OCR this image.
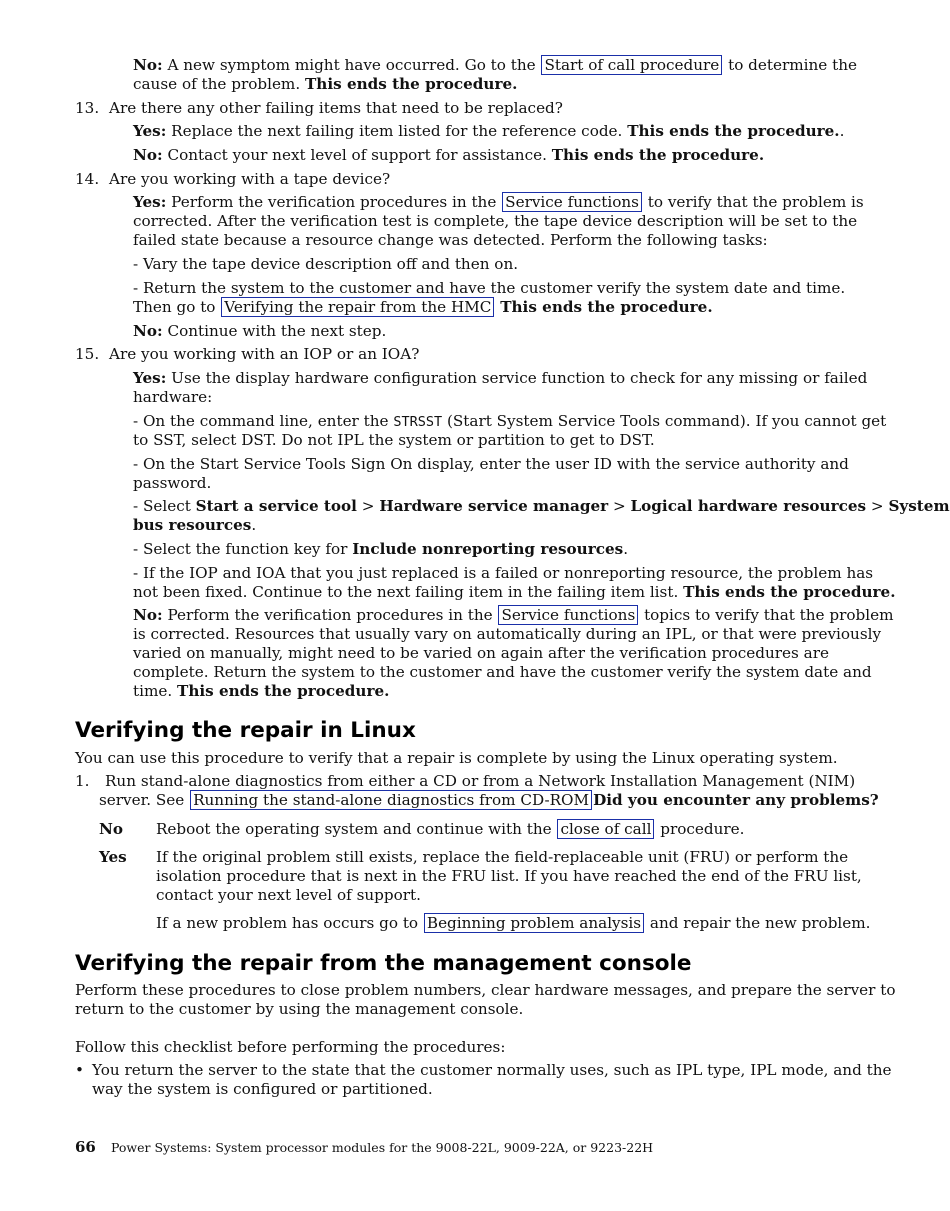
No: A new symptom might have occurred. Go to the Start of call procedure to determine the
cause of the problem. This ends the procedure.
13. Are there any other failing items that need to be replaced?
Yes: Replace the next failing item listed for the reference code. This ends the procedure..
No: Contact your next level of support for assistance. This ends the procedure.
14. Are you working with a tape device?
Yes: Perform the verification procedures in the Service functions to verify that the problem is
corrected. After the verification test is complete, the tape device description will be set to the
failed state because a resource change was detected. Perform the following tasks:
- Vary the tape device description off and then on.
- Return the system to the customer and have the customer verify the system date and time.
Then go to Verifying the repair from the HMC This ends the procedure.
No: Continue with the next step.
15. Are you working with an IOP or an IOA?
Yes: Use the display hardware configuration service function to check for any missing or failed
hardware:
- On the command line, enter the STRSST (Start System Service Tools command). If you cannot get
to SST, select DST. Do not IPL the system or partition to get to DST.
- On the Start Service Tools Sign On display, enter the user ID with the service authority and
password.
- Select Start a service tool > Hardware service manager > Logical hardware resources > System
bus resources.
- Select the function key for Include nonreporting resources.
- If the IOP and IOA that you just replaced is a failed or nonreporting resource, the problem has
not been fixed. Continue to the next failing item in the failing item list. This ends the procedure.
No: Perform the verification procedures in the Service functions topics to verify that the problem
is corrected. Resources that usually vary on automatically during an IPL, or that were previously
varied on manually, might need to be varied on again after the verification procedures are
complete. Return the system to the customer and have the customer verify the system date and
time. This ends the procedure.
Verifying the repair in Linux
You can use this procedure to verify that a repair is complete by using the Linux operating system.
1. Run stand-alone diagnostics from either a CD or from a Network Installation Management (NIM)
server. See Running the stand-alone diagnostics from CD-ROM Did you encounter any problems?
No Reboot the operating system and continue with the close of call procedure.
Yes If the original problem still exists, replace the field-replaceable unit (FRU) or perform the
isolation procedure that is next in the FRU list. If you have reached the end of the FRU list,
contact your next level of support.
If a new problem has occurs go to Beginning problem analysis and repair the new problem.
Verifying the repair from the management console
Perform these procedures to close problem numbers, clear hardware messages, and prepare the server to
return to the customer by using the management console.
Follow this checklist before performing the procedures:
• You return the server to the state that the customer normally uses, such as IPL type, IPL mode, and the
way the system is configured or partitioned.
66 Power Systems: System processor modules for the 9008-22L, 9009-22A, or 9223-22H
